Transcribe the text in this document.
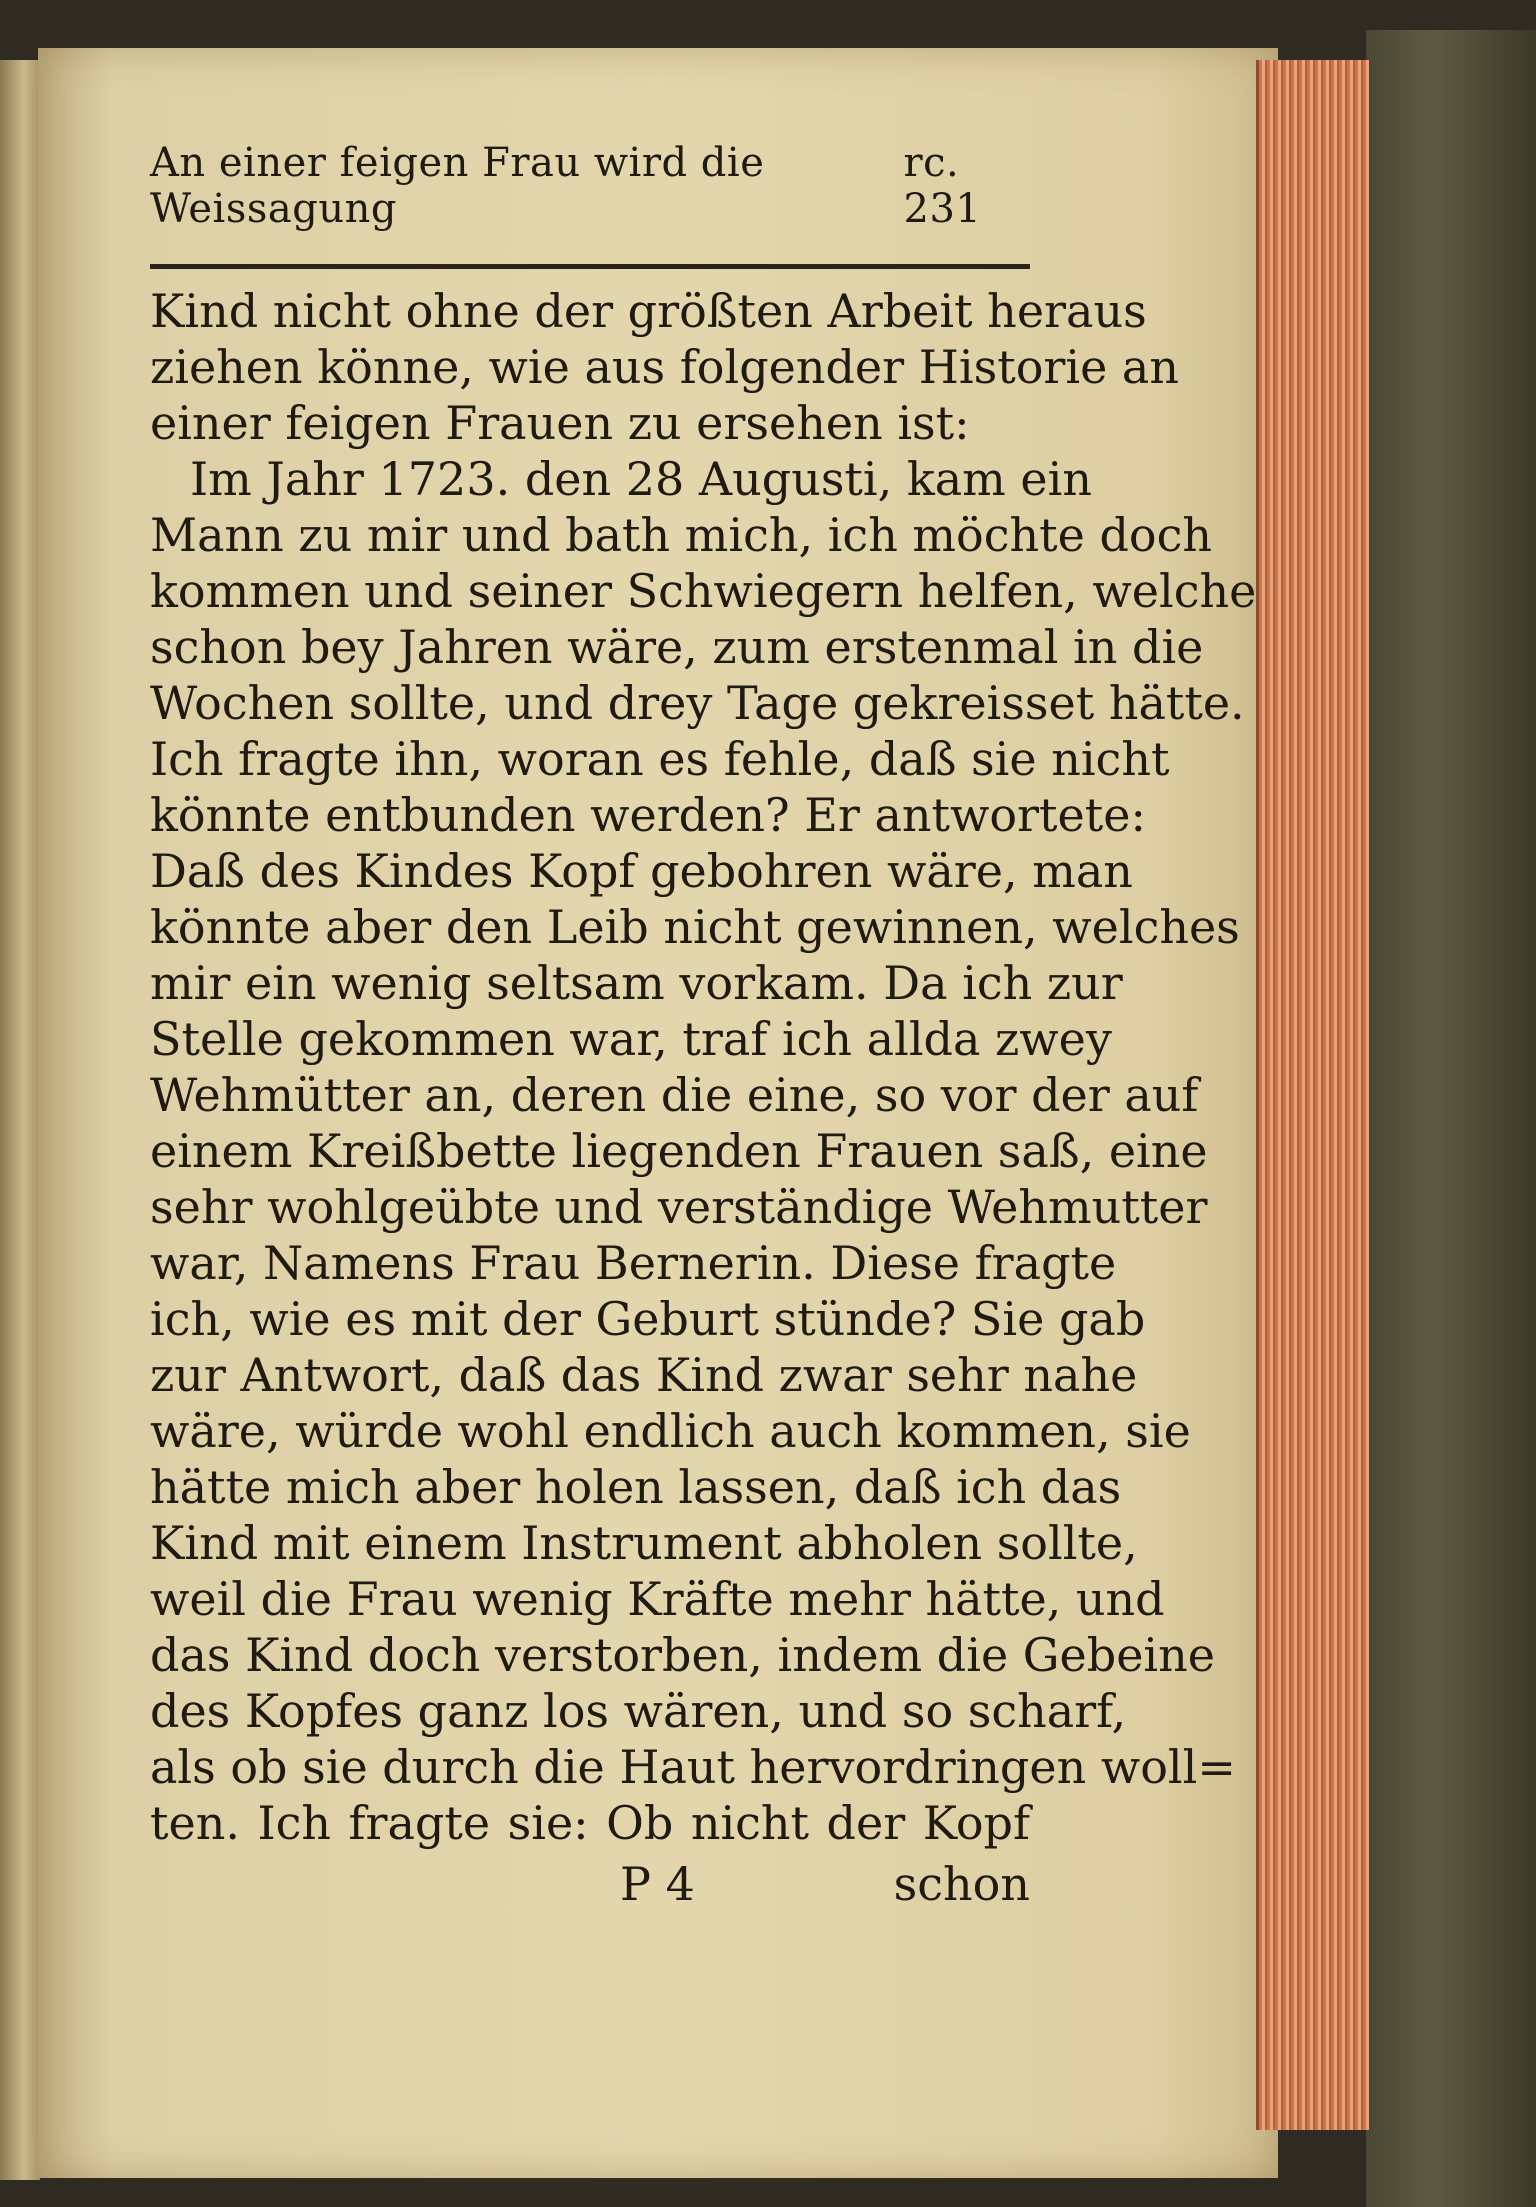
An einer feigen Frau wird die Weissagung
rc. 231
Kind nicht ohne der größten Arbeit heraus
ziehen könne, wie aus folgender Historie an
einer feigen Frauen zu ersehen ist:
Im Jahr 1723. den 28 Augusti, kam ein
Mann zu mir und bath mich, ich möchte doch
kommen und seiner Schwiegern helfen, welche
schon bey Jahren wäre, zum erstenmal in die
Wochen sollte, und drey Tage gekreisset hätte.
Ich fragte ihn, woran es fehle, daß sie nicht
könnte entbunden werden? Er antwortete:
Daß des Kindes Kopf gebohren wäre, man
könnte aber den Leib nicht gewinnen, welches
mir ein wenig seltsam vorkam. Da ich zur
Stelle gekommen war, traf ich allda zwey
Wehmütter an, deren die eine, so vor der auf
einem Kreißbette liegenden Frauen saß, eine
sehr wohlgeübte und verständige Wehmutter
war, Namens Frau Bernerin. Diese fragte
ich, wie es mit der Geburt stünde? Sie gab
zur Antwort, daß das Kind zwar sehr nahe
wäre, würde wohl endlich auch kommen, sie
hätte mich aber holen lassen, daß ich das
Kind mit einem Instrument abholen sollte,
weil die Frau wenig Kräfte mehr hätte, und
das Kind doch verstorben, indem die Gebeine
des Kopfes ganz los wären, und so scharf,
als ob sie durch die Haut hervordringen woll=
ten. Ich fragte sie: Ob nicht der Kopf
P 4	schon
